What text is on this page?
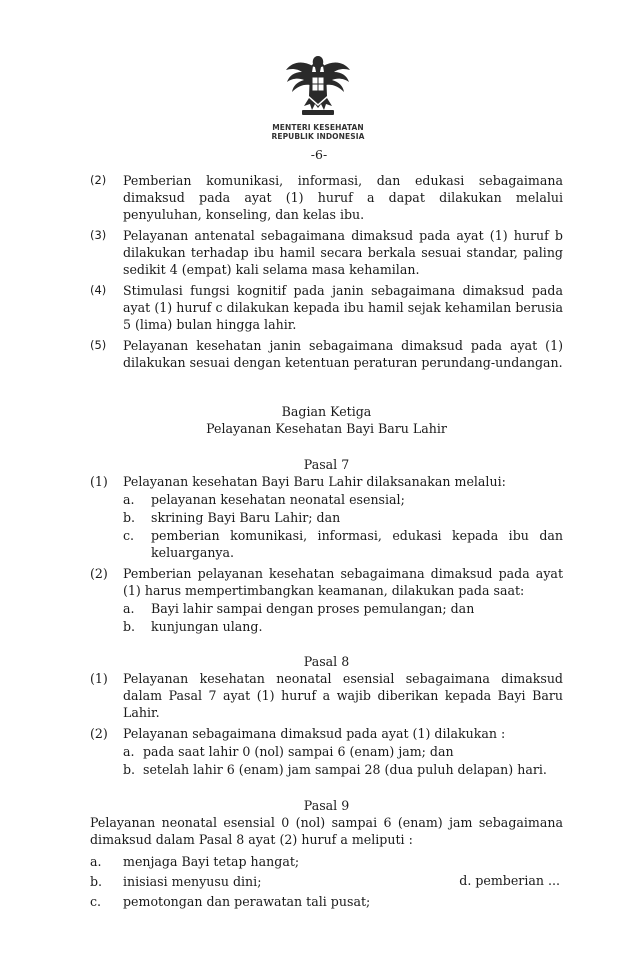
MENTERI KESEHATAN
REPUBLIK INDONESIA
-6-
(2)	Pemberian komunikasi, informasi, dan edukasi sebagaimana dimaksud pada ayat (1) huruf a dapat dilakukan melalui penyuluhan, konseling, dan kelas ibu.
(3)	Pelayanan antenatal sebagaimana dimaksud pada ayat (1) huruf b dilakukan terhadap ibu hamil secara berkala sesuai standar, paling sedikit 4 (empat) kali selama masa kehamilan.
(4)	Stimulasi fungsi kognitif pada janin sebagaimana dimaksud pada ayat (1) huruf c dilakukan kepada ibu hamil sejak kehamilan berusia 5 (lima) bulan hingga lahir.
(5)	Pelayanan kesehatan janin sebagaimana dimaksud pada ayat (1) dilakukan sesuai dengan ketentuan peraturan perundang-undangan.
Bagian Ketiga
Pelayanan Kesehatan Bayi Baru Lahir
Pasal 7
(1)	Pelayanan kesehatan Bayi Baru Lahir dilaksanakan melalui:
a.	pelayanan kesehatan neonatal esensial;
b.	skrining Bayi Baru Lahir; dan
c.	pemberian komunikasi, informasi, edukasi kepada ibu dan keluarganya.
(2)	Pemberian pelayanan kesehatan sebagaimana dimaksud pada ayat (1) harus mempertimbangkan keamanan, dilakukan pada saat:
a.	Bayi lahir sampai dengan proses pemulangan; dan
b.	kunjungan ulang.
Pasal 8
(1)	Pelayanan kesehatan neonatal esensial sebagaimana dimaksud dalam Pasal 7 ayat (1) huruf a wajib diberikan kepada Bayi Baru Lahir.
(2)	Pelayanan sebagaimana dimaksud pada ayat (1) dilakukan :
a. pada saat lahir 0 (nol) sampai 6 (enam) jam; dan
b. setelah lahir 6 (enam) jam sampai 28 (dua puluh delapan) hari.
Pasal 9
Pelayanan neonatal esensial 0 (nol) sampai 6 (enam) jam sebagaimana dimaksud dalam Pasal 8 ayat (2) huruf a meliputi :
a.	menjaga Bayi tetap hangat;
b.	inisiasi menyusu dini;
c.	pemotongan dan perawatan tali pusat;
d. pemberian ...
